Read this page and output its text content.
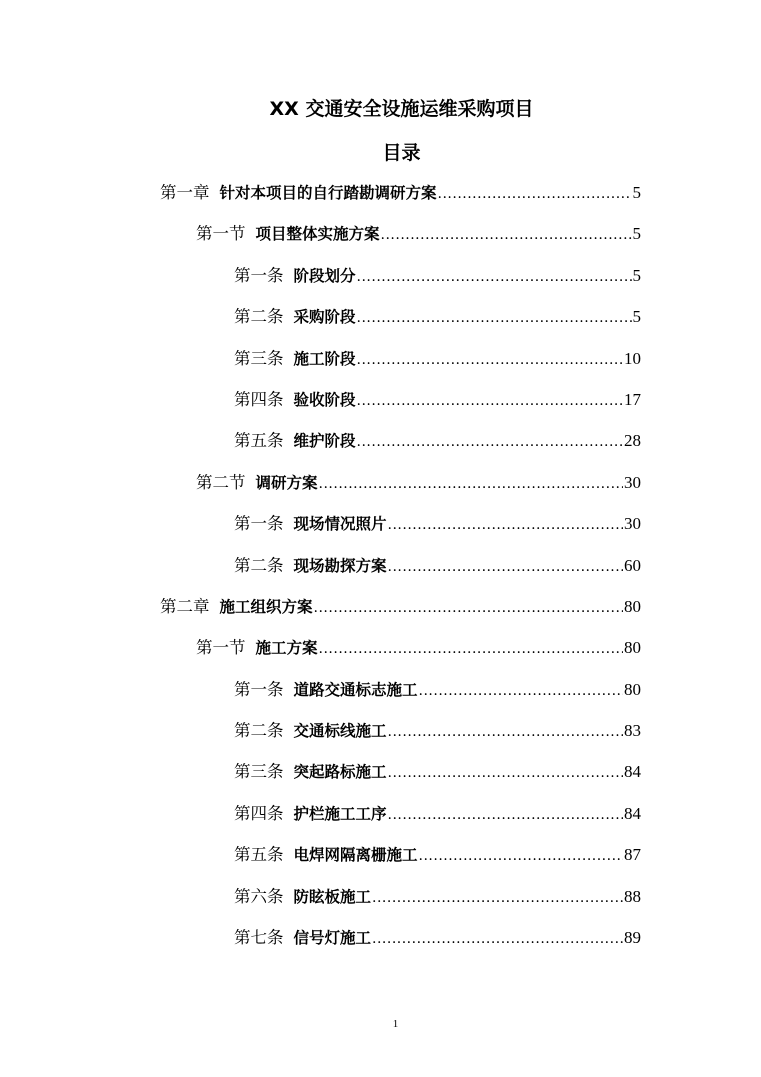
XX 交通安全设施运维采购项目
目录
第一章 针对本项目的自行踏勘调研方案 .....	5
第一节 项目整体实施方案 .....	5
第一条 阶段划分 .....	5
第二条 采购阶段 .....	5
第三条 施工阶段 .....	10
第四条 验收阶段 .....	17
第五条 维护阶段 .....	28
第二节 调研方案 .....	30
第一条 现场情况照片 .....	30
第二条 现场勘探方案 .....	60
第二章 施工组织方案 .....	80
第一节 施工方案 .....	80
第一条 道路交通标志施工 .....	80
第二条 交通标线施工 .....	83
第三条 突起路标施工 .....	84
第四条 护栏施工工序 .....	84
第五条 电焊网隔离栅施工 .....	87
第六条 防眩板施工 .....	88
第七条 信号灯施工 .....	89
1
